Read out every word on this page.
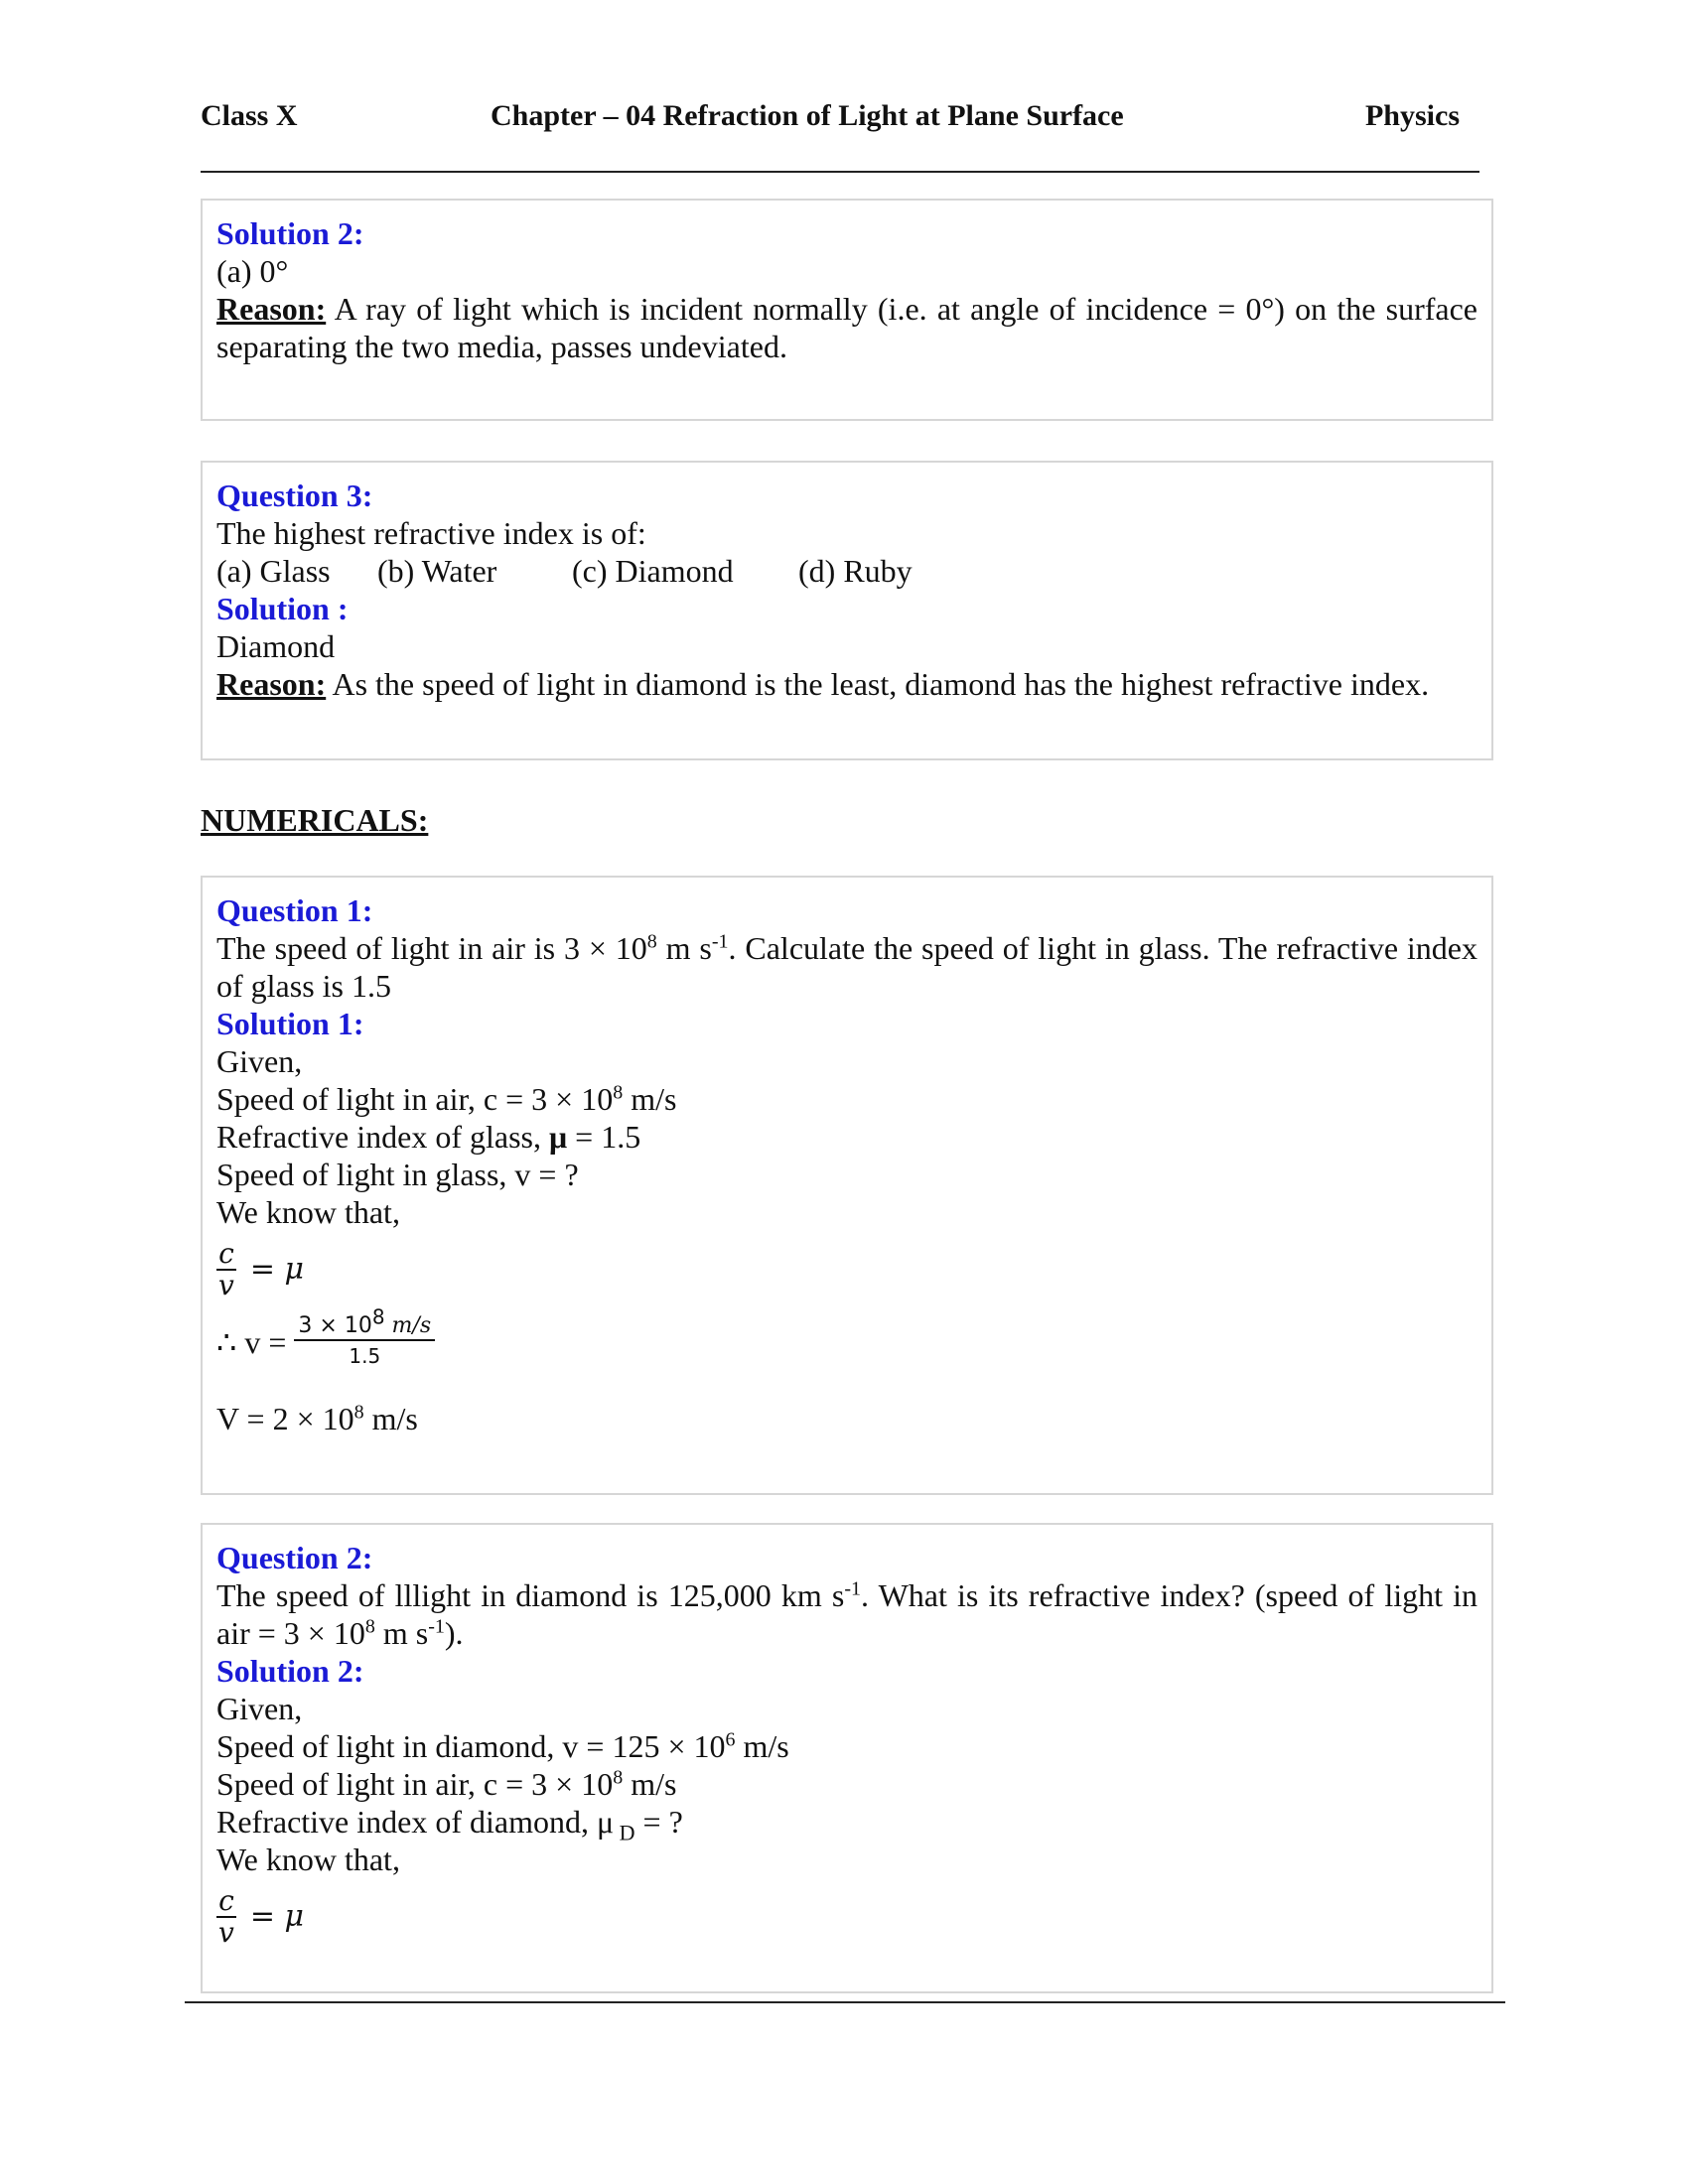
Class X	Chapter – 04 Refraction of Light at Plane Surface	Physics

Solution 2:

(a) 0°

Reason: A ray of light which is incident normally (i.e. at angle of incidence = 0°) on the surface separating the two media, passes undeviated.

Question 3:

The highest refractive index is of:

(a) Glass (b) Water (c) Diamond (d) Ruby

Solution :

Diamond

Reason: As the speed of light in diamond is the least, diamond has the highest refractive index.

NUMERICALS:

Question 1:

The speed of light in air is $3 \times 10^8$ m $s^{-1}$. Calculate the speed of light in glass. The refractive index of glass is 1.5

Solution 1:

Given,

Speed of light in air, $c = 3 \times 10^8$ m/s

Refractive index of glass, μ = 1.5

Speed of light in glass, v = ?

We know that,

$\frac{c}{v} = \mu$
∴ $v = \frac{3 \times 10^8 m/s}{1.5}$

$V = 2 \times 10^8$ m/s

Question 2:

The speed of lllight in diamond is 125,000 km $s^{-1}$. What is its refractive index? (speed of light in air = $3 \times 10^8$ m $s^{-1}$).

Solution 2:

Given,

Speed of light in diamond, $v = 125 \times 10^6$ m/s

Speed of light in air, $c = 3 \times 10^8$ m/s

Refractive index of diamond, μ $_D$ = ?

We know that,

$\frac{c}{v} = \mu$
